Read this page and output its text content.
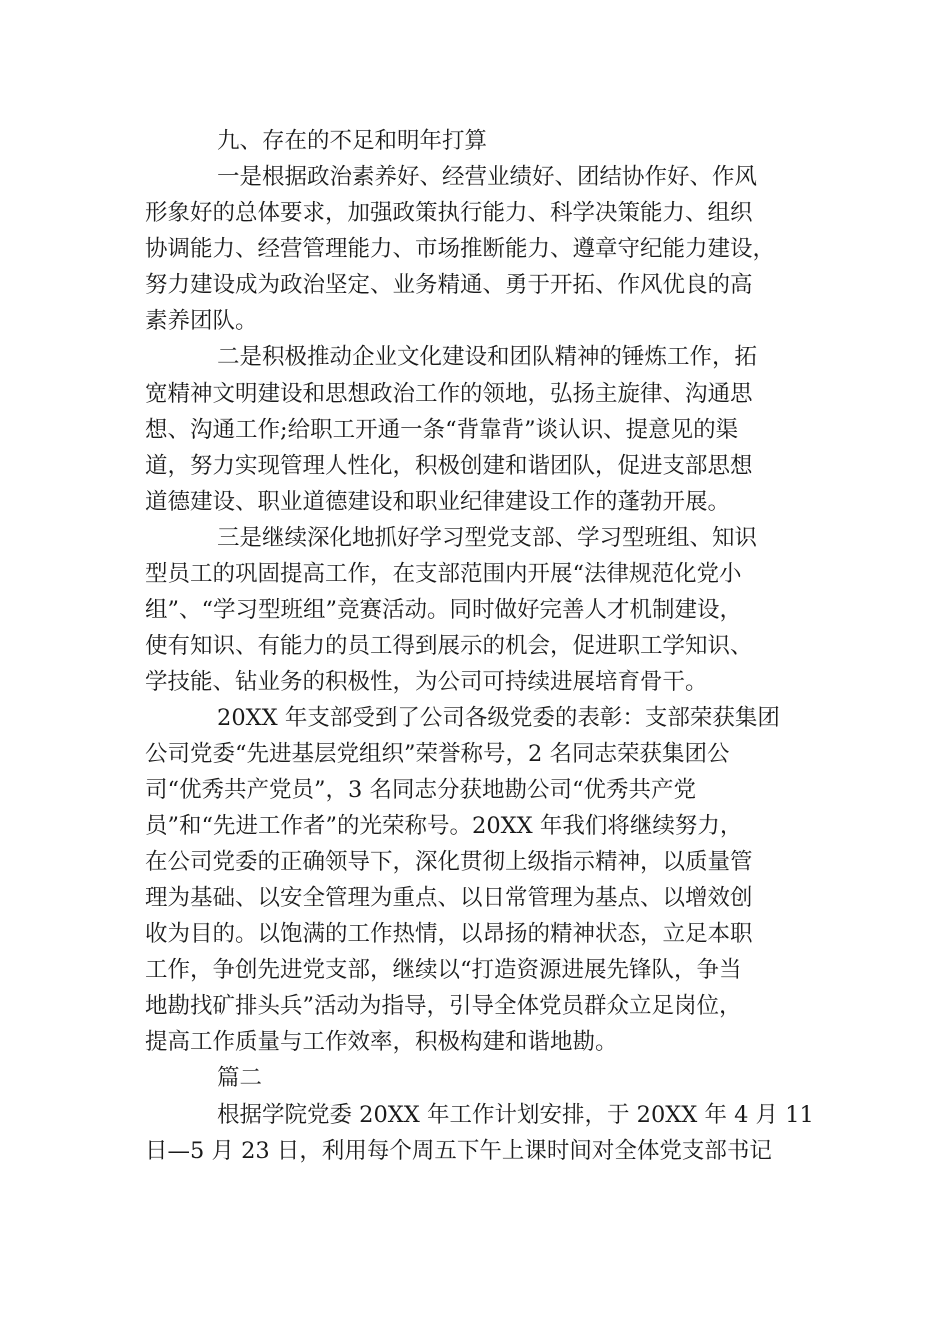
九、存在的不足和明年打算
一是根据政治素养好、经营业绩好、团结协作好、作风
形象好的总体要求，加强政策执行能力、科学决策能力、组织
协调能力、经营管理能力、市场推断能力、遵章守纪能力建设，
努力建设成为政治坚定、业务精通、勇于开拓、作风优良的高
素养团队。
二是积极推动企业文化建设和团队精神的锤炼工作，拓
宽精神文明建设和思想政治工作的领地，弘扬主旋律、沟通思
想、沟通工作;给职工开通一条“背靠背”谈认识、提意见的渠
道，努力实现管理人性化，积极创建和谐团队，促进支部思想
道德建设、职业道德建设和职业纪律建设工作的蓬勃开展。
三是继续深化地抓好学习型党支部、学习型班组、知识
型员工的巩固提高工作，在支部范围内开展“法律规范化党小
组”、“学习型班组”竞赛活动。同时做好完善人才机制建设，
使有知识、有能力的员工得到展示的机会，促进职工学知识、
学技能、钻业务的积极性，为公司可持续进展培育骨干。
20XX 年支部受到了公司各级党委的表彰：支部荣获集团
公司党委“先进基层党组织”荣誉称号，2 名同志荣获集团公
司“优秀共产党员”，3 名同志分获地勘公司“优秀共产党
员”和“先进工作者”的光荣称号。20XX 年我们将继续努力，
在公司党委的正确领导下，深化贯彻上级指示精神，以质量管
理为基础、以安全管理为重点、以日常管理为基点、以增效创
收为目的。以饱满的工作热情，以昂扬的精神状态，立足本职
工作，争创先进党支部，继续以“打造资源进展先锋队，争当
地勘找矿排头兵”活动为指导，引导全体党员群众立足岗位，
提高工作质量与工作效率，积极构建和谐地勘。
篇二
根据学院党委 20XX 年工作计划安排，于 20XX 年 4 月 11
日—5 月 23 日，利用每个周五下午上课时间对全体党支部书记
